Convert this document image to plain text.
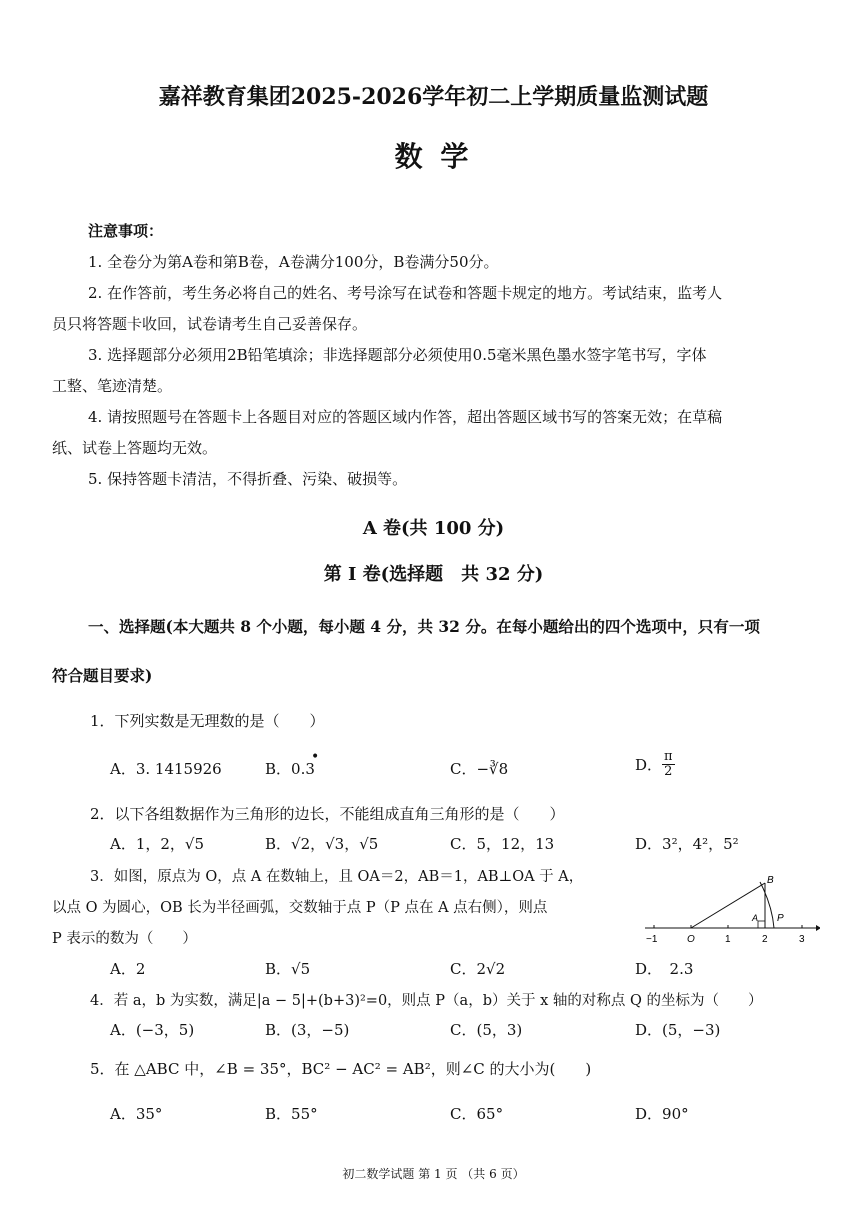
嘉祥教育集团2025-2026学年初二上学期质量监测试题
数 学
注意事项：
1. 全卷分为第A卷和第B卷，A卷满分100分，B卷满分50分。
2. 在作答前，考生务必将自己的姓名、考号涂写在试卷和答题卡规定的地方。考试结束，监考人
员只将答题卡收回，试卷请考生自己妥善保存。
3. 选择题部分必须用2B铅笔填涂；非选择题部分必须使用0.5毫米黑色墨水签字笔书写，字体
工整、笔迹清楚。
4. 请按照题号在答题卡上各题目对应的答题区域内作答，超出答题区域书写的答案无效；在草稿
纸、试卷上答题均无效。
5. 保持答题卡清洁，不得折叠、污染、破损等。
A 卷(共 100 分)
第 I 卷(选择题　共 32 分)
一、选择题(本大题共 8 个小题，每小题 4 分，共 32 分。在每小题给出的四个选项中，只有一项
符合题目要求)
1．下列实数是无理数的是（　　）
A．3. 1415926	B．0.3
•
C．−∛8	D． $\frac{\pi}{2}$
2．以下各组数据作为三角形的边长，不能组成直角三角形的是（　　）
A．1，2，√5	B．√2，√3，√5	C．5，12，13	D．3²，4²，5²
3．如图，原点为 O，点 A 在数轴上，且 OA＝2，AB＝1，AB⊥OA 于 A，
以点 O 为圆心，OB 长为半径画弧，交数轴于点 P（P 点在 A 点右侧），则点
P 表示的数为（　　）	−1	O	1	2	3
B
A P
A．2	B．√5	C．2√2	D．　2.3
4．若 a，b 为实数，满足|a − 5|+(b+3)²=0，则点 P（a，b）关于 x 轴的对称点 Q 的坐标为（　　）
A．(−3，5)	B．(3，−5)	C．(5，3)	D．(5，−3)
5．在 △ABC 中，∠B = 35°，BC² − AC² = AB²，则∠C 的大小为(　　)
A．35°	B．55°	C．65°	D．90°
初二数学试题 第 1 页 （共 6 页）
